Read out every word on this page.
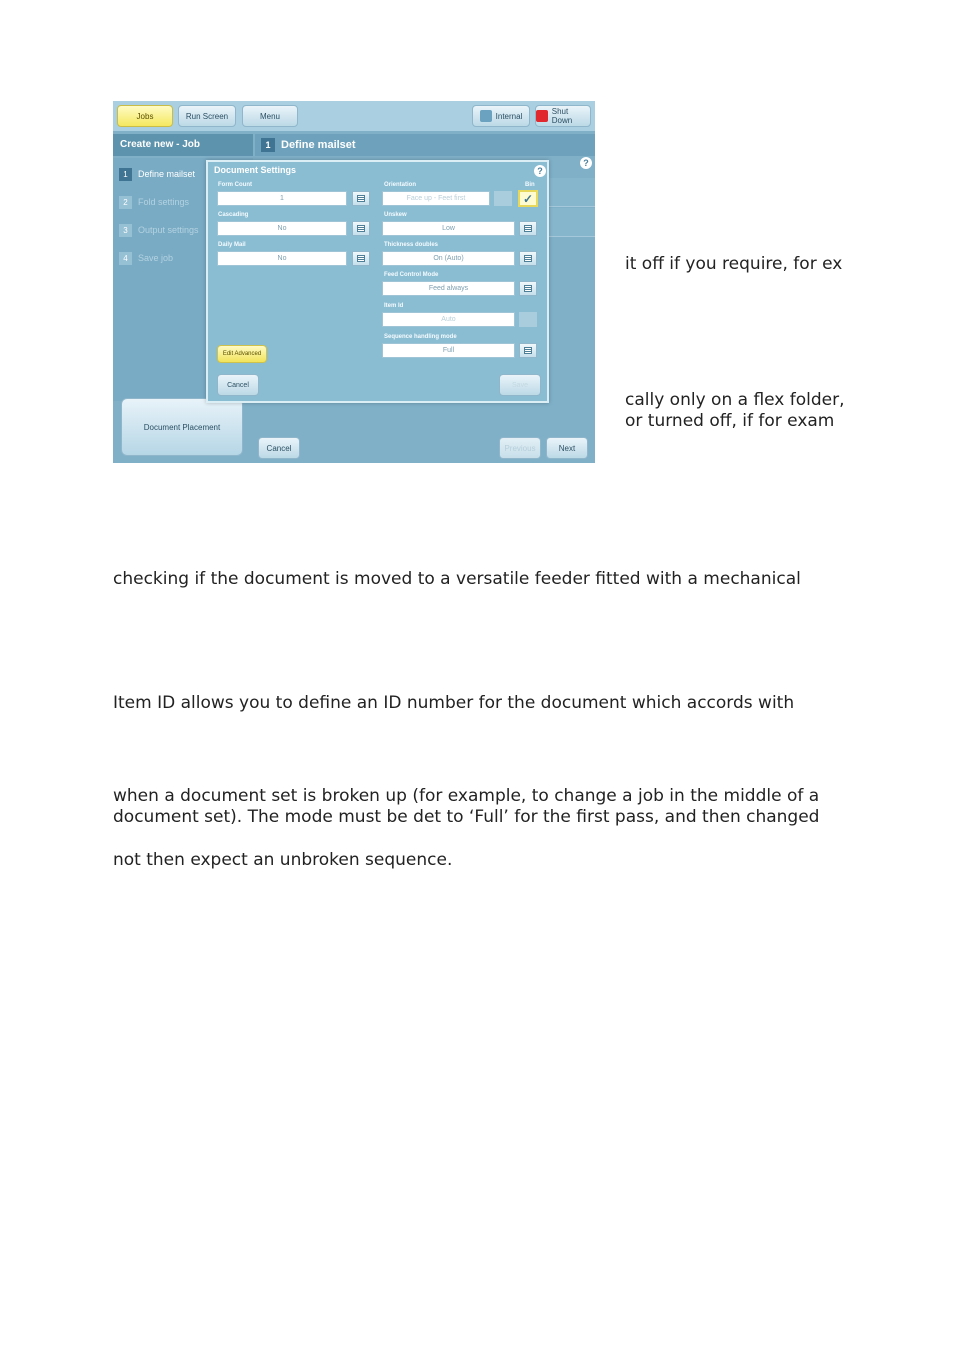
Jobs	Run Screen	Menu	Internal	Shut Down
Create new - Job	1 Define mailset
?
1	Define mailset
2	Fold settings
3	Output settings
4	Save job
Document Placement
Cancel	Previous	Next
Document Settings	?
Form Count
1
Cascading
No
Daily Mail
No
Orientation
Face up - Feet first
Bin
✓
Unskew
Low
Thickness doubles
On (Auto)
Feed Control Mode
Feed always
Item Id
Auto
Sequence handling mode
Full
Edit Advanced
Cancel	Save
it off if you require, for ex
cally only on a flex folder,
or turned off, if for exam
checking if the document is moved to a versatile feeder fitted with a mechanical
Item ID allows you to define an ID number for the document which accords with
when a document set is broken up (for example, to change a job in the middle of a
document set). The mode must be det to ‘Full’ for the first pass, and then changed
not then expect an unbroken sequence.
